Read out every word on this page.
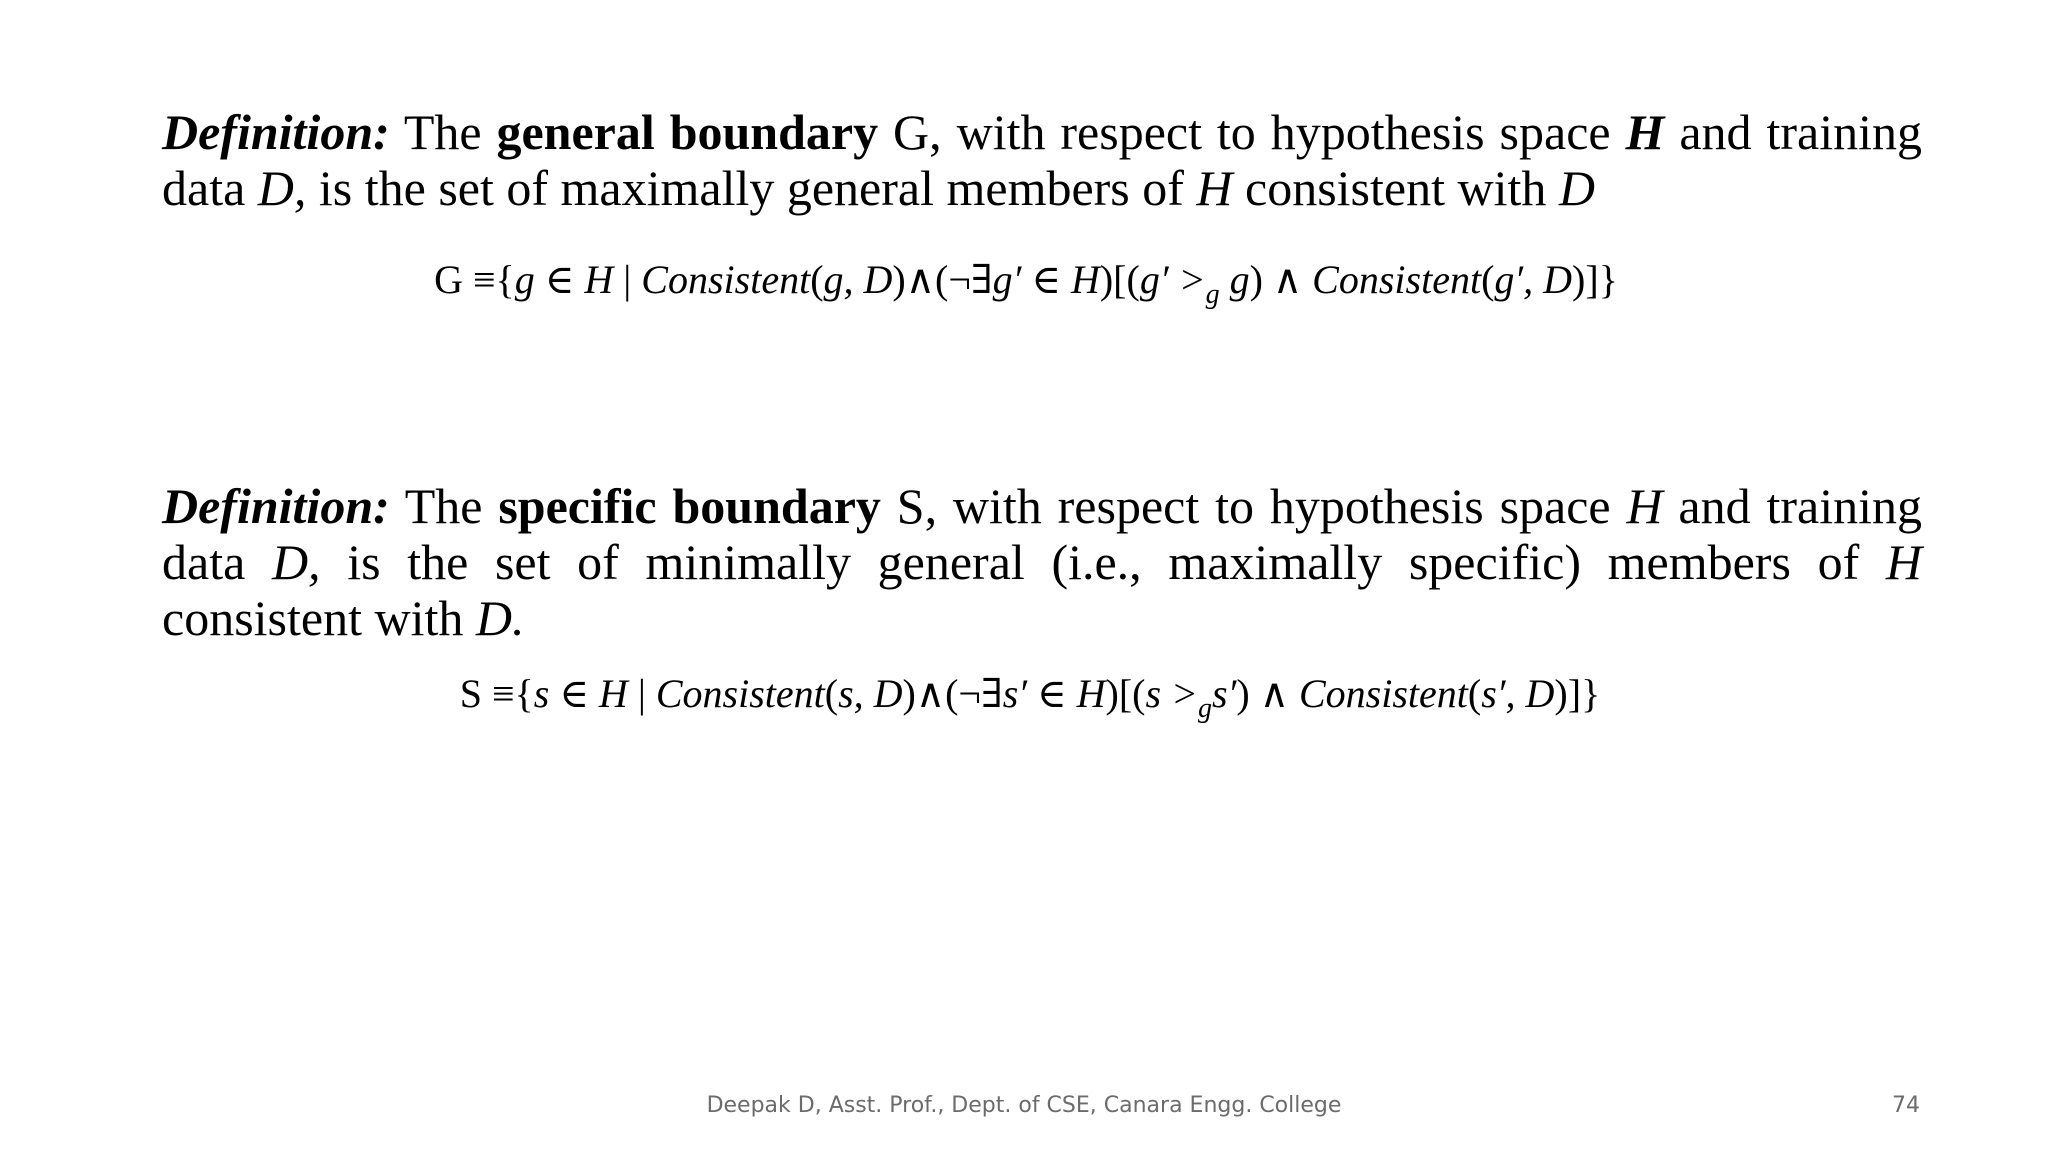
Definition: The general boundary G, with respect to hypothesis space H and training data D, is the set of maximally general members of H consistent with D
G ≡{g ∈ H | Consistent(g, D)∧(¬∃g′ ∈ $H)[(g' >_g$ g) ∧ Consistent(g′, D)]}
Definition: The specific boundary S, with respect to hypothesis space H and training data D, is the set of minimally general (i.e., maximally specific) members of H consistent with D.
S ≡{s ∈ H | Consistent(s, D)∧(¬∃s′ ∈ $H)[(s >_gs')$ ∧ Consistent(s′, D)]}
Deepak D, Asst. Prof., Dept. of CSE, Canara Engg. College	74
